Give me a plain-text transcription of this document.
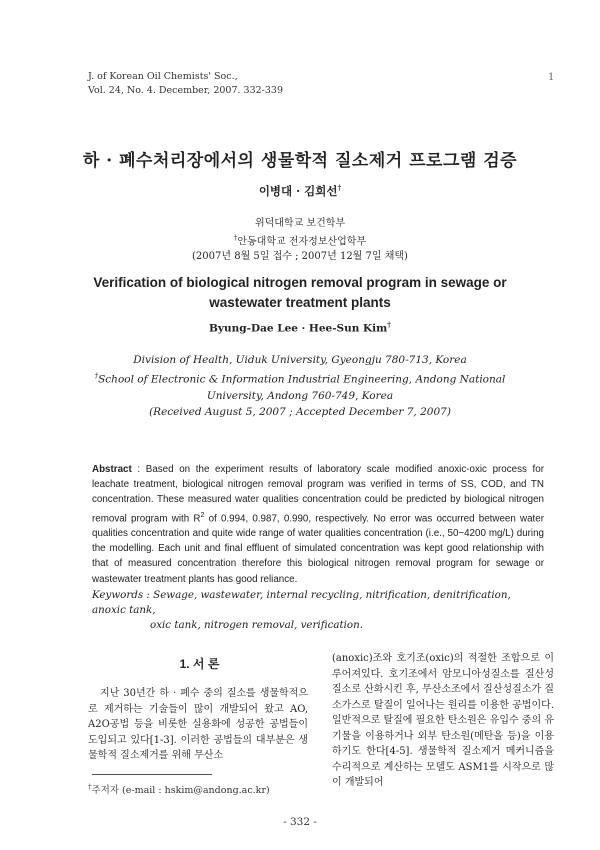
J. of Korean Oil Chemists' Soc.,
Vol. 24, No. 4. December, 2007. 332-339
1
하 · 폐수처리장에서의 생물학적 질소제거 프로그램 검증
이병대 · 김희선†
위덕대학교 보건학부
†안동대학교 전자정보산업학부
(2007년 8월 5일 접수 ; 2007년 12월 7일 채택)
Verification of biological nitrogen removal program in sewage or wastewater treatment plants
Byung-Dae Lee · Hee-Sun Kim†
Division of Health, Uiduk University, Gyeongju 780-713, Korea
†School of Electronic & Information Industrial Engineering, Andong National University, Andong 760-749, Korea
(Received August 5, 2007 ; Accepted December 7, 2007)
Abstract : Based on the experiment results of laboratory scale modified anoxic-oxic process for leachate treatment, biological nitrogen removal program was verified in terms of SS, COD, and TN concentration. These measured water qualities concentration could be predicted by biological nitrogen removal program with $R^2$ of 0.994, 0.987, 0.990, respectively. No error was occurred between water qualities concentration and quite wide range of water qualities concentration (i.e., 50~4200 mg/L) during the modelling. Each unit and final effluent of simulated concentration was kept good relationship with that of measured concentration therefore this biological nitrogen removal program for sewage or wastewater treatment plants has good reliance.
Keywords : Sewage, wastewater, internal recycling, nitrification, denitrification, anoxic tank,
oxic tank, nitrogen removal, verification.
1. 서 론
지난 30년간 하 · 폐수 중의 질소를 생물학적으로 제거하는 기술들이 많이 개발되어 왔고 AO, A2O공법 등을 비롯한 실용화에 성공한 공법들이 도입되고 있다[1-3]. 이러한 공법들의 대부분은 생물학적 질소제거를 위해 무산소
(anoxic)조와 호기조(oxic)의 적절한 조합으로 이루어져있다. 호기조에서 암모니아성질소를 질산성질소로 산화시킨 후, 무산소조에서 질산성질소가 질소가스로 탈질이 일어나는 원리를 이용한 공법이다. 일반적으로 탈질에 필요한 탄소원은 유입수 중의 유기물을 이용하거나 외부 탄소원(메탄올 등)을 이용하기도 한다[4-5]. 생물학적 질소제거 메커니즘을 수리적으로 계산하는 모델도 ASM1를 시작으로 많이 개발되어
†주저자 (e-mail : hskim@andong.ac.kr)
- 332 -
